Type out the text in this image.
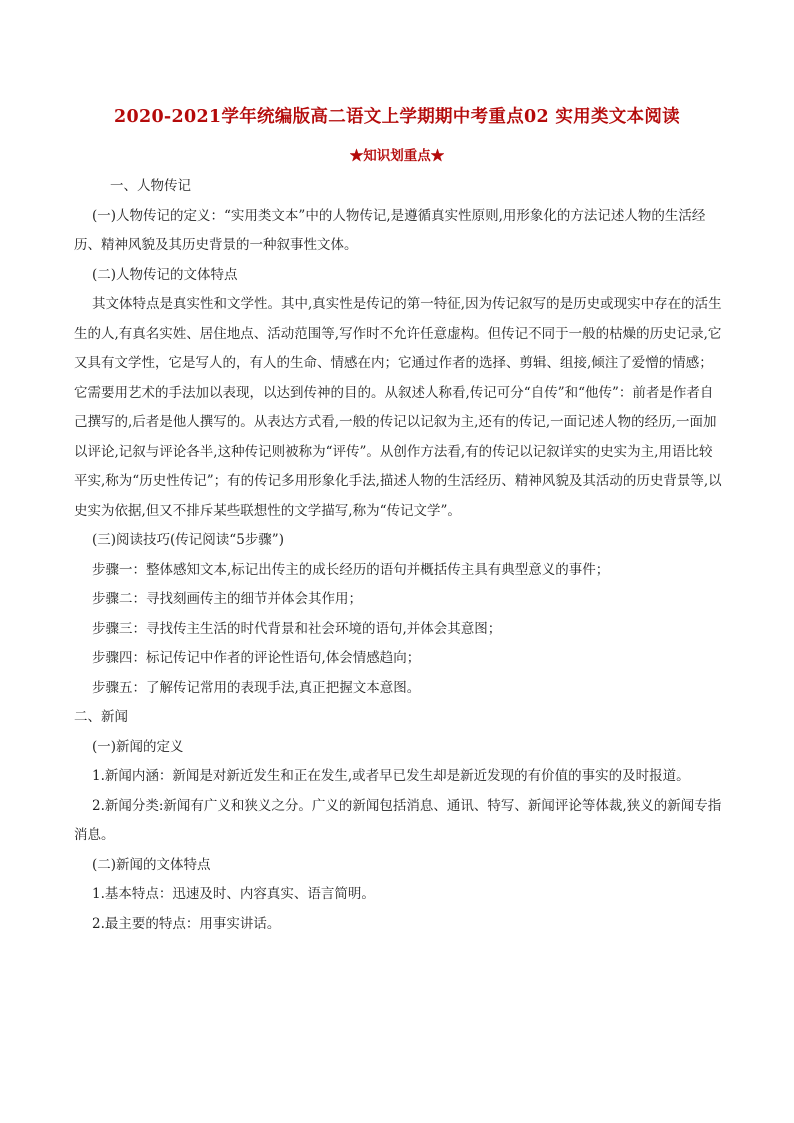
2020-2021学年统编版高二语文上学期期中考重点02 实用类文本阅读
★知识划重点★

一、人物传记

(一)人物传记的定义：“实用类文本”中的人物传记,是遵循真实性原则,用形象化的方法记述人物的生活经历、精神风貌及其历史背景的一种叙事性文体。

(二)人物传记的文体特点

其文体特点是真实性和文学性。其中,真实性是传记的第一特征,因为传记叙写的是历史或现实中存在的活生生的人,有真名实姓、居住地点、活动范围等,写作时不允许任意虚构。但传记不同于一般的枯燥的历史记录,它又具有文学性，它是写人的，有人的生命、情感在内；它通过作者的选择、剪辑、组接,倾注了爱憎的情感；它需要用艺术的手法加以表现，以达到传神的目的。从叙述人称看,传记可分“自传”和“他传”：前者是作者自己撰写的,后者是他人撰写的。从表达方式看,一般的传记以记叙为主,还有的传记,一面记述人物的经历,一面加以评论,记叙与评论各半,这种传记则被称为“评传”。从创作方法看,有的传记以记叙详实的史实为主,用语比较平实,称为“历史性传记”；有的传记多用形象化手法,描述人物的生活经历、精神风貌及其活动的历史背景等,以史实为依据,但又不排斥某些联想性的文学描写,称为“传记文学”。

(三)阅读技巧(传记阅读“5步骤”)

步骤一：整体感知文本,标记出传主的成长经历的语句并概括传主具有典型意义的事件；

步骤二：寻找刻画传主的细节并体会其作用；

步骤三：寻找传主生活的时代背景和社会环境的语句,并体会其意图；

步骤四：标记传记中作者的评论性语句,体会情感趋向；

步骤五：了解传记常用的表现手法,真正把握文本意图。

二、新闻

(一)新闻的定义

1.新闻内涵：新闻是对新近发生和正在发生,或者早已发生却是新近发现的有价值的事实的及时报道。

2.新闻分类:新闻有广义和狭义之分。广义的新闻包括消息、通讯、特写、新闻评论等体裁,狭义的新闻专指消息。

(二)新闻的文体特点

1.基本特点：迅速及时、内容真实、语言简明。

2.最主要的特点：用事实讲话。
